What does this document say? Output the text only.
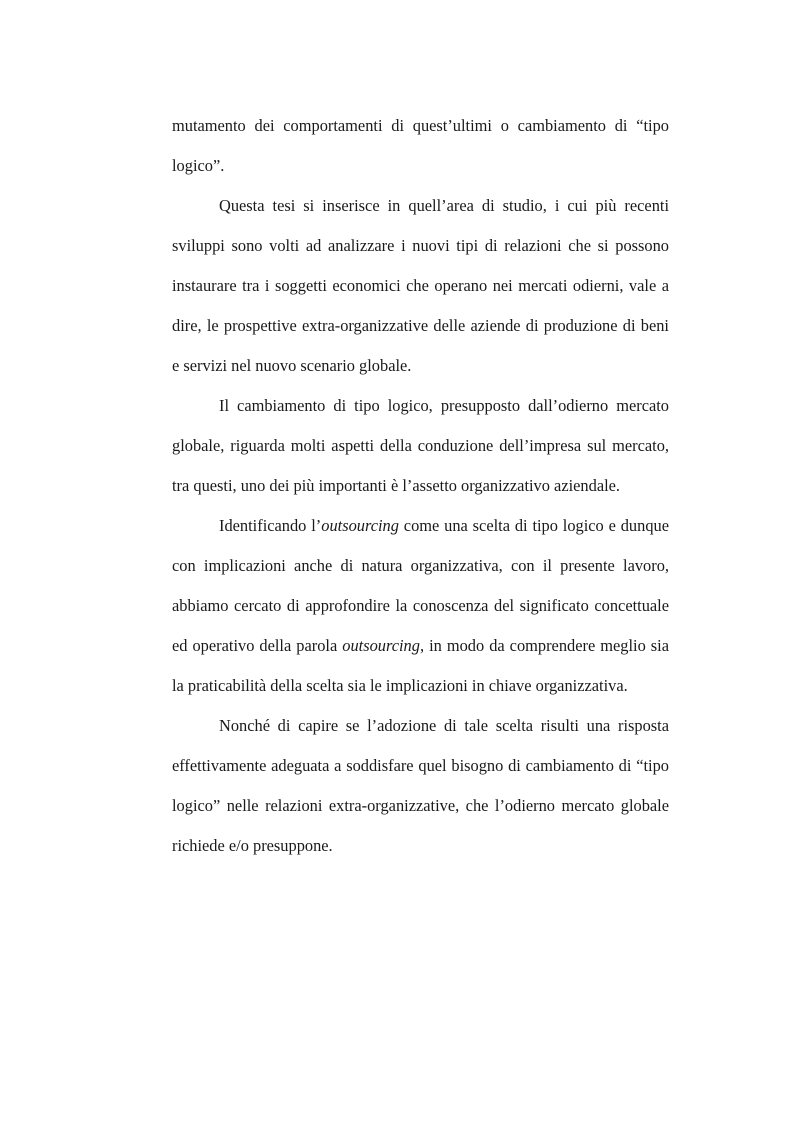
mutamento dei comportamenti di quest’ultimi o cambiamento di “tipo logico”.

Questa tesi si inserisce in quell’area di studio, i cui più recenti sviluppi sono volti ad analizzare i nuovi tipi di relazioni che si possono instaurare tra i soggetti economici che operano nei mercati odierni, vale a dire, le prospettive extra-organizzative delle aziende di produzione di beni e servizi nel nuovo scenario globale.

Il cambiamento di tipo logico, presupposto dall’odierno mercato globale, riguarda molti aspetti della conduzione dell’impresa sul mercato, tra questi, uno dei più importanti è l’assetto organizzativo aziendale.

Identificando l’outsourcing come una scelta di tipo logico e dunque con implicazioni anche di natura organizzativa, con il presente lavoro, abbiamo cercato di approfondire la conoscenza del significato concettuale ed operativo della parola outsourcing, in modo da comprendere meglio sia la praticabilità della scelta sia le implicazioni in chiave organizzativa.

Nonché di capire se l’adozione di tale scelta risulti una risposta effettivamente adeguata a soddisfare quel bisogno di cambiamento di “tipo logico” nelle relazioni extra-organizzative, che l’odierno mercato globale richiede e/o presuppone.
